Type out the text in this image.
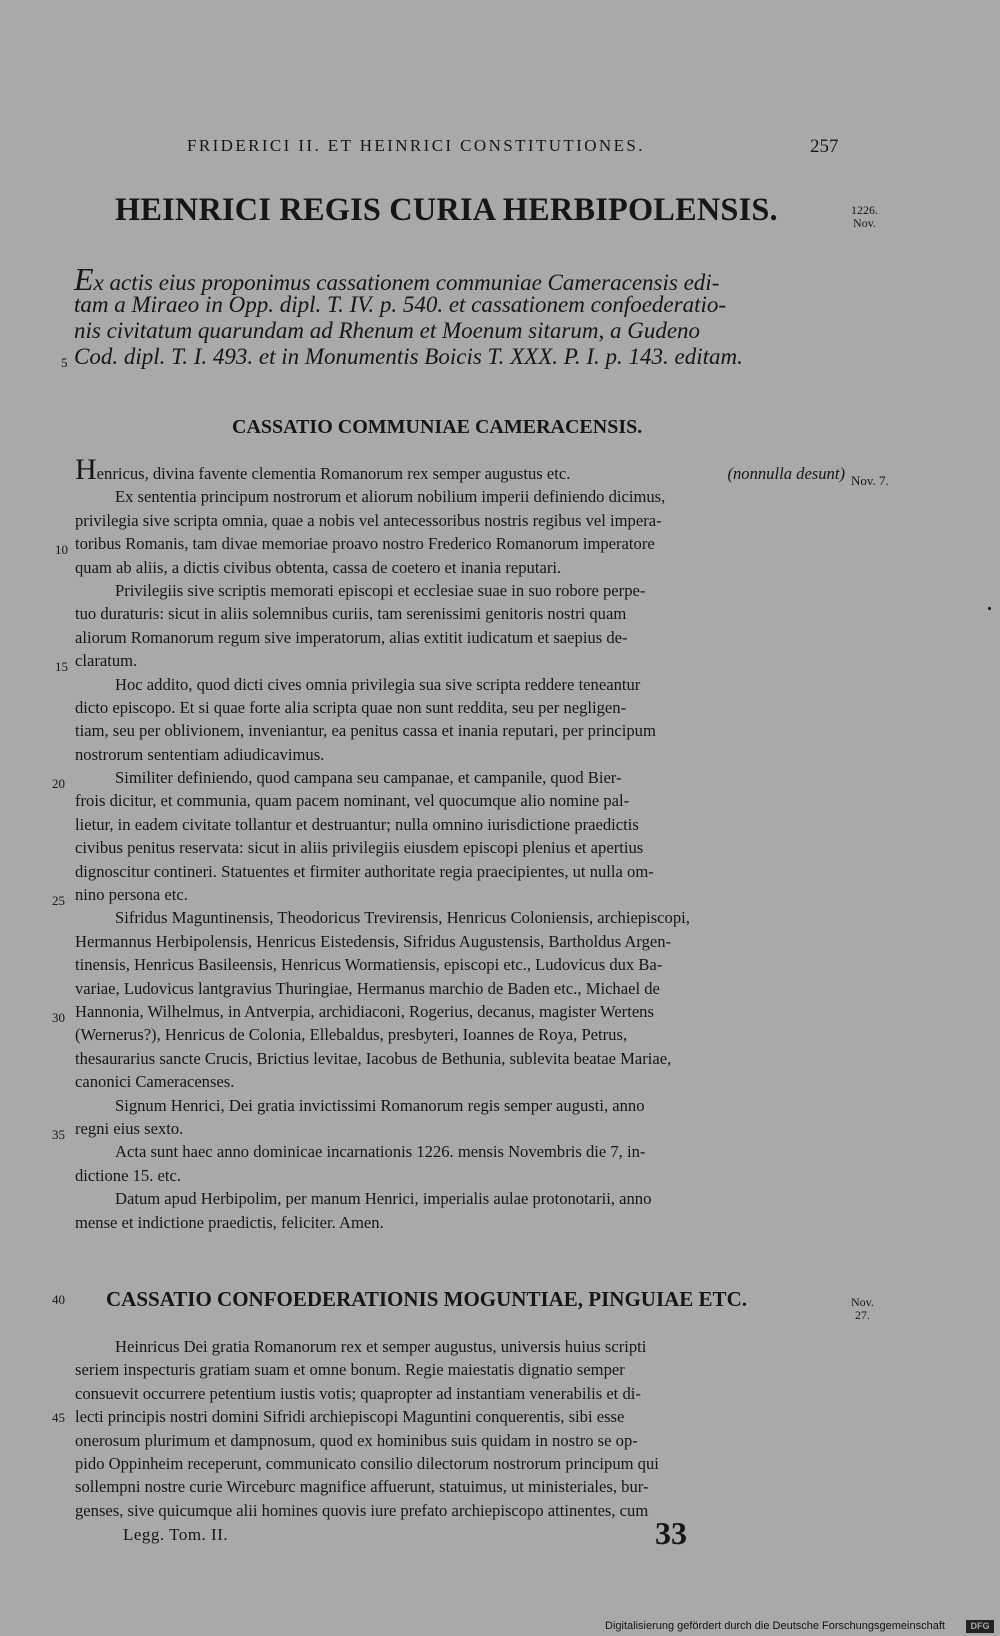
FRIDERICI II. ET HEINRICI CONSTITUTIONES.	257
HEINRICI REGIS CURIA HERBIPOLENSIS.	1226.
Nov.
Ex actis eius proponimus cassationem communiae Cameracensis edi-
tam a Miraeo in Opp. dipl. T. IV. p. 540. et cassationem confoederatio-
nis civitatum quarundam ad Rhenum et Moenum sitarum, a Gudeno
Cod. dipl. T. I. 493. et in Monumentis Boicis T. XXX. P. I. p. 143. editam.
5
10
15
20
25
30
35
40
45
CASSATIO COMMUNIAE CAMERACENSIS.
Nov. 7.
Henricus, divina favente clementia Romanorum rex semper augustus etc.	(nonnulla desunt)
Ex sententia principum nostrorum et aliorum nobilium imperii definiendo dicimus,
privilegia sive scripta omnia, quae a nobis vel antecessoribus nostris regibus vel impera-
toribus Romanis, tam divae memoriae proavo nostro Frederico Romanorum imperatore
quam ab aliis, a dictis civibus obtenta, cassa de coetero et inania reputari.
Privilegiis sive scriptis memorati episcopi et ecclesiae suae in suo robore perpe-
tuo duraturis: sicut in aliis solemnibus curiis, tam serenissimi genitoris nostri quam
aliorum Romanorum regum sive imperatorum, alias extitit iudicatum et saepius de-
claratum.
Hoc addito, quod dicti cives omnia privilegia sua sive scripta reddere teneantur
dicto episcopo. Et si quae forte alia scripta quae non sunt reddita, seu per negligen-
tiam, seu per oblivionem, inveniantur, ea penitus cassa et inania reputari, per principum
nostrorum sententiam adiudicavimus.
Similiter definiendo, quod campana seu campanae, et campanile, quod Bier-
frois dicitur, et communia, quam pacem nominant, vel quocumque alio nomine pal-
lietur, in eadem civitate tollantur et destruantur; nulla omnino iurisdictione praedictis
civibus penitus reservata: sicut in aliis privilegiis eiusdem episcopi plenius et apertius
dignoscitur contineri. Statuentes et firmiter authoritate regia praecipientes, ut nulla om-
nino persona etc.
Sifridus Maguntinensis, Theodoricus Trevirensis, Henricus Coloniensis, archiepiscopi,
Hermannus Herbipolensis, Henricus Eistedensis, Sifridus Augustensis, Bartholdus Argen-
tinensis, Henricus Basileensis, Henricus Wormatiensis, episcopi etc., Ludovicus dux Ba-
variae, Ludovicus lantgravius Thuringiae, Hermanus marchio de Baden etc., Michael de
Hannonia, Wilhelmus, in Antverpia, archidiaconi, Rogerius, decanus, magister Wertens
(Wernerus?), Henricus de Colonia, Ellebaldus, presbyteri, Ioannes de Roya, Petrus,
thesaurarius sancte Crucis, Brictius levitae, Iacobus de Bethunia, sublevita beatae Mariae,
canonici Cameracenses.
Signum Henrici, Dei gratia invictissimi Romanorum regis semper augusti, anno
regni eius sexto.
Acta sunt haec anno dominicae incarnationis 1226. mensis Novembris die 7, in-
dictione 15. etc.
Datum apud Herbipolim, per manum Henrici, imperialis aulae protonotarii, anno
mense et indictione praedictis, feliciter. Amen.
CASSATIO CONFOEDERATIONIS MOGUNTIAE, PINGUIAE ETC.	Nov.
27.
Heinricus Dei gratia Romanorum rex et semper augustus, universis huius scripti
seriem inspecturis gratiam suam et omne bonum. Regie maiestatis dignatio semper
consuevit occurrere petentium iustis votis; quapropter ad instantiam venerabilis et di-
lecti principis nostri domini Sifridi archiepiscopi Maguntini conquerentis, sibi esse
onerosum plurimum et dampnosum, quod ex hominibus suis quidam in nostro se op-
pido Oppinheim receperunt, communicato consilio dilectorum nostrorum principum qui
sollempni nostre curie Wirceburc magnifice affuerunt, statuimus, ut ministeriales, bur-
genses, sive quicumque alii homines quovis iure prefato archiepiscopo attinentes, cum
Legg. Tom. II.	33
Digitalisierung gefördert durch die Deutsche Forschungsgemeinschaft	DFG
